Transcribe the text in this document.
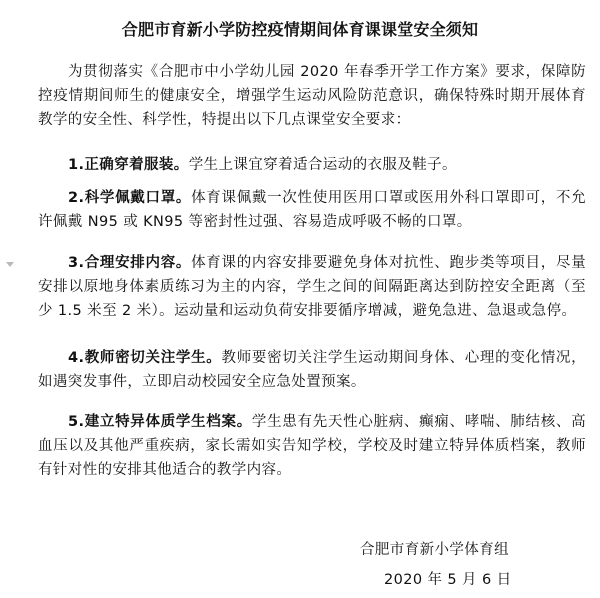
合肥市育新小学防控疫情期间体育课课堂安全须知
为贯彻落实《合肥市中小学幼儿园 2020 年春季开学工作方案》要求，保障防控疫情期间师生的健康安全，增强学生运动风险防范意识，确保特殊时期开展体育教学的安全性、科学性，特提出以下几点课堂安全要求：
1.正确穿着服装。学生上课宜穿着适合运动的衣服及鞋子。
2.科学佩戴口罩。体育课佩戴一次性使用医用口罩或医用外科口罩即可，不允许佩戴 N95 或 KN95 等密封性过强、容易造成呼吸不畅的口罩。
3.合理安排内容。体育课的内容安排要避免身体对抗性、跑步类等项目，尽量安排以原地身体素质练习为主的内容，学生之间的间隔距离达到防控安全距离（至少 1.5 米至 2 米）。运动量和运动负荷安排要循序增减，避免急进、急退或急停。
4.教师密切关注学生。教师要密切关注学生运动期间身体、心理的变化情况，如遇突发事件，立即启动校园安全应急处置预案。
5.建立特异体质学生档案。学生患有先天性心脏病、癫痫、哮喘、肺结核、高血压以及其他严重疾病，家长需如实告知学校，学校及时建立特异体质档案，教师有针对性的安排其他适合的教学内容。
合肥市育新小学体育组
2020 年 5 月 6 日
